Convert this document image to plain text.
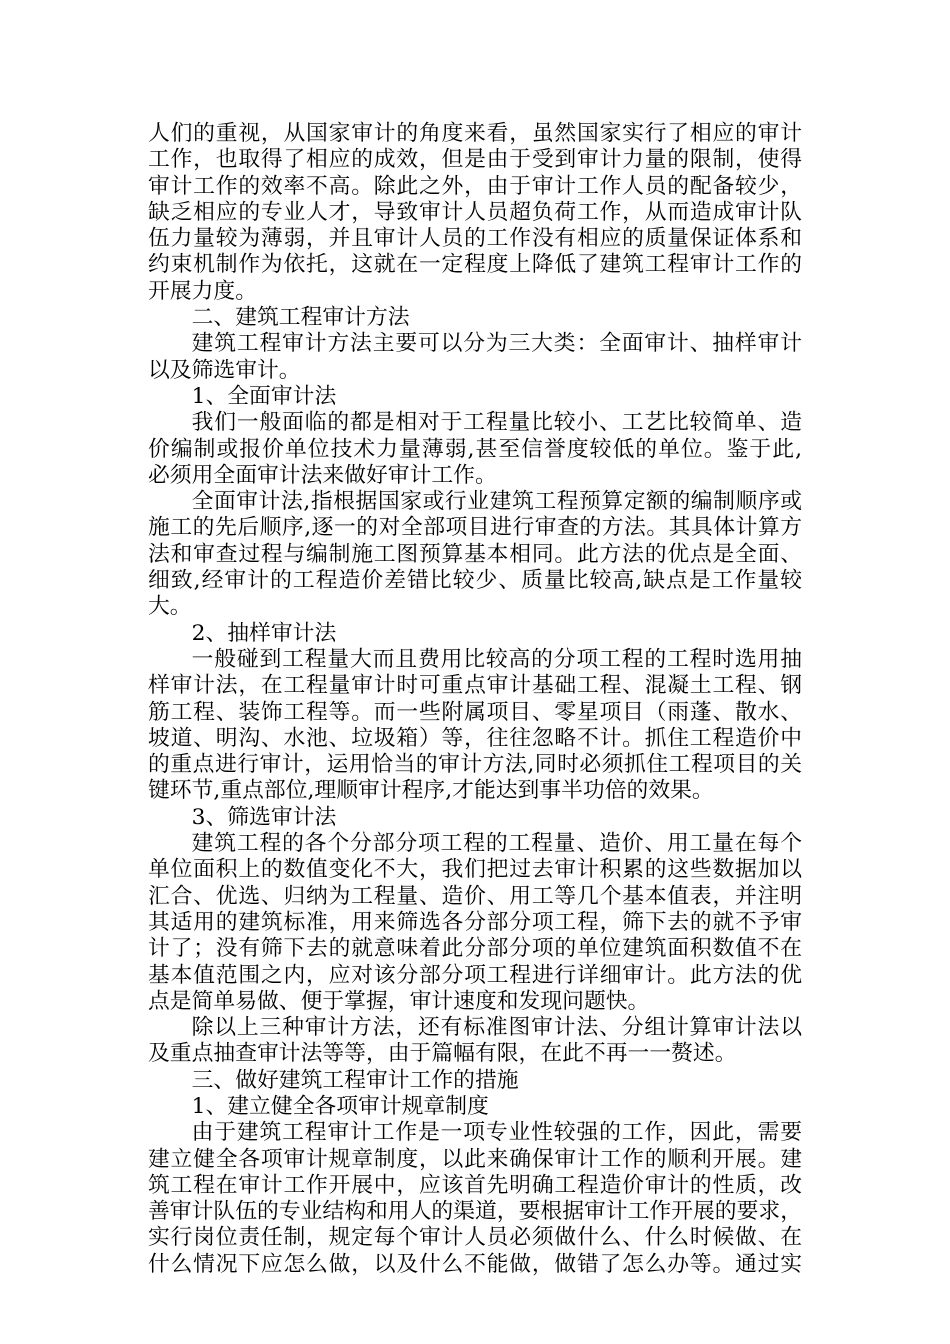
人们的重视，从国家审计的角度来看，虽然国家实行了相应的审计
工作，也取得了相应的成效，但是由于受到审计力量的限制，使得
审计工作的效率不高。除此之外，由于审计工作人员的配备较少，
缺乏相应的专业人才，导致审计人员超负荷工作，从而造成审计队
伍力量较为薄弱，并且审计人员的工作没有相应的质量保证体系和
约束机制作为依托，这就在一定程度上降低了建筑工程审计工作的
开展力度。
二、建筑工程审计方法
建筑工程审计方法主要可以分为三大类：全面审计、抽样审计
以及筛选审计。
1、全面审计法
我们一般面临的都是相对于工程量比较小、工艺比较简单、造
价编制或报价单位技术力量薄弱,甚至信誉度较低的单位。鉴于此,
必须用全面审计法来做好审计工作。
全面审计法,指根据国家或行业建筑工程预算定额的编制顺序或
施工的先后顺序,逐一的对全部项目进行审查的方法。其具体计算方
法和审查过程与编制施工图预算基本相同。此方法的优点是全面、
细致,经审计的工程造价差错比较少、质量比较高,缺点是工作量较
大。
2、抽样审计法
一般碰到工程量大而且费用比较高的分项工程的工程时选用抽
样审计法，在工程量审计时可重点审计基础工程、混凝土工程、钢
筋工程、装饰工程等。而一些附属项目、零星项目（雨蓬、散水、
坡道、明沟、水池、垃圾箱）等，往往忽略不计。抓住工程造价中
的重点进行审计，运用恰当的审计方法,同时必须抓住工程项目的关
键环节,重点部位,理顺审计程序,才能达到事半功倍的效果。
3、筛选审计法
建筑工程的各个分部分项工程的工程量、造价、用工量在每个
单位面积上的数值变化不大，我们把过去审计积累的这些数据加以
汇合、优选、归纳为工程量、造价、用工等几个基本值表，并注明
其适用的建筑标准，用来筛选各分部分项工程，筛下去的就不予审
计了；没有筛下去的就意味着此分部分项的单位建筑面积数值不在
基本值范围之内，应对该分部分项工程进行详细审计。此方法的优
点是简单易做、便于掌握，审计速度和发现问题快。
除以上三种审计方法，还有标准图审计法、分组计算审计法以
及重点抽查审计法等等，由于篇幅有限，在此不再一一赘述。
三、做好建筑工程审计工作的措施
1、建立健全各项审计规章制度
由于建筑工程审计工作是一项专业性较强的工作，因此，需要
建立健全各项审计规章制度，以此来确保审计工作的顺利开展。建
筑工程在审计工作开展中，应该首先明确工程造价审计的性质，改
善审计队伍的专业结构和用人的渠道，要根据审计工作开展的要求，
实行岗位责任制，规定每个审计人员必须做什么、什么时候做、在
什么情况下应怎么做，以及什么不能做，做错了怎么办等。通过实
